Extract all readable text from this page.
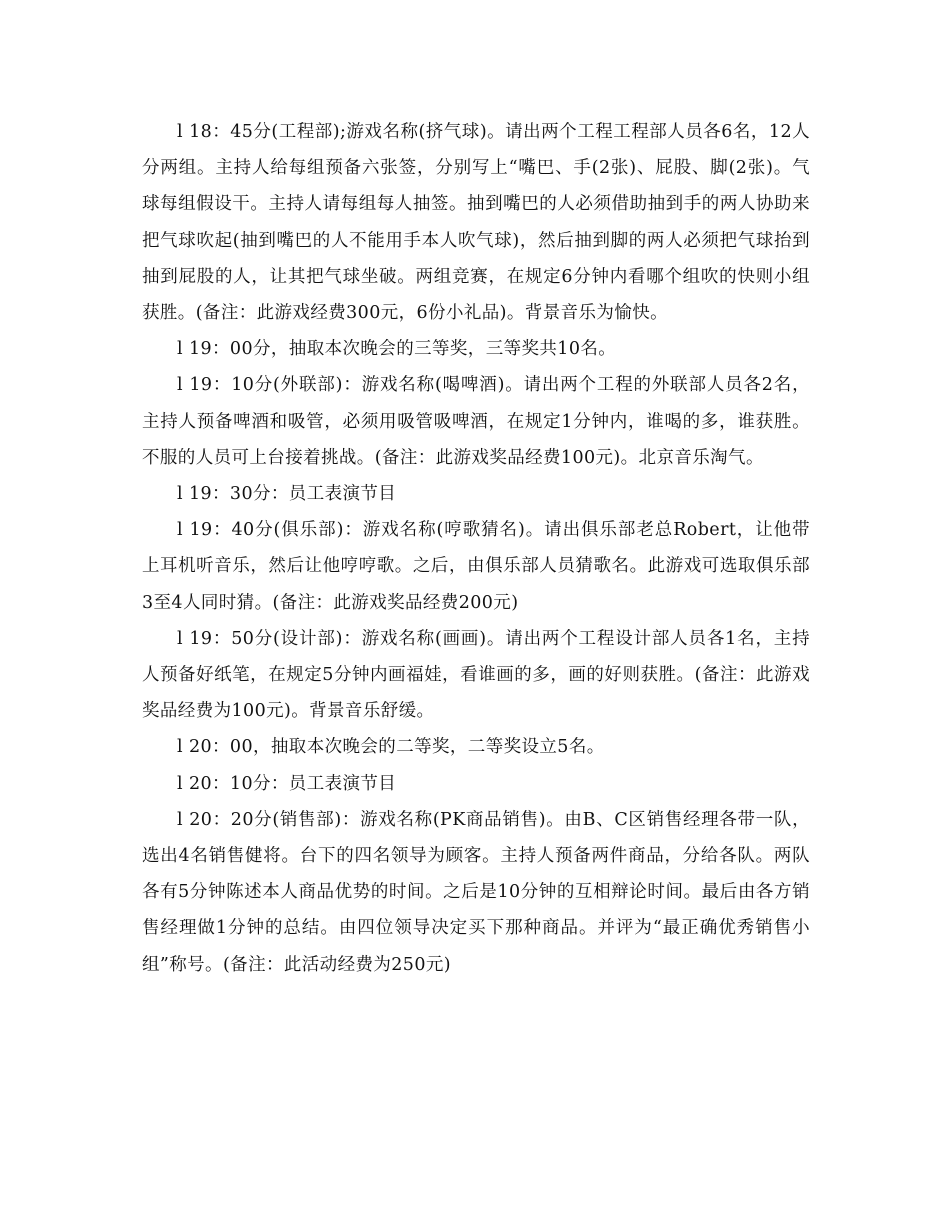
l 18：45分(工程部);游戏名称(挤气球)。请出两个工程工程部人员各6名，12人分两组。主持人给每组预备六张签，分别写上“嘴巴、手(2张)、屁股、脚(2张)。气球每组假设干。主持人请每组每人抽签。抽到嘴巴的人必须借助抽到手的两人协助来把气球吹起(抽到嘴巴的人不能用手本人吹气球)，然后抽到脚的两人必须把气球抬到抽到屁股的人，让其把气球坐破。两组竞赛，在规定6分钟内看哪个组吹的快则小组获胜。(备注：此游戏经费300元，6份小礼品)。背景音乐为愉快。

l 19：00分，抽取本次晚会的三等奖，三等奖共10名。

l 19：10分(外联部)：游戏名称(喝啤酒)。请出两个工程的外联部人员各2名，主持人预备啤酒和吸管，必须用吸管吸啤酒，在规定1分钟内，谁喝的多，谁获胜。不服的人员可上台接着挑战。(备注：此游戏奖品经费100元)。北京音乐淘气。

l 19：30分：员工表演节目

l 19：40分(俱乐部)：游戏名称(哼歌猜名)。请出俱乐部老总Robert，让他带上耳机听音乐，然后让他哼哼歌。之后，由俱乐部人员猜歌名。此游戏可选取俱乐部3至4人同时猜。(备注：此游戏奖品经费200元)

l 19：50分(设计部)：游戏名称(画画)。请出两个工程设计部人员各1名，主持人预备好纸笔，在规定5分钟内画福娃，看谁画的多，画的好则获胜。(备注：此游戏奖品经费为100元)。背景音乐舒缓。

l 20：00，抽取本次晚会的二等奖，二等奖设立5名。

l 20：10分：员工表演节目

l 20：20分(销售部)：游戏名称(PK商品销售)。由B、C区销售经理各带一队，选出4名销售健将。台下的四名领导为顾客。主持人预备两件商品，分给各队。两队各有5分钟陈述本人商品优势的时间。之后是10分钟的互相辩论时间。最后由各方销售经理做1分钟的总结。由四位领导决定买下那种商品。并评为“最正确优秀销售小组”称号。(备注：此活动经费为250元)
